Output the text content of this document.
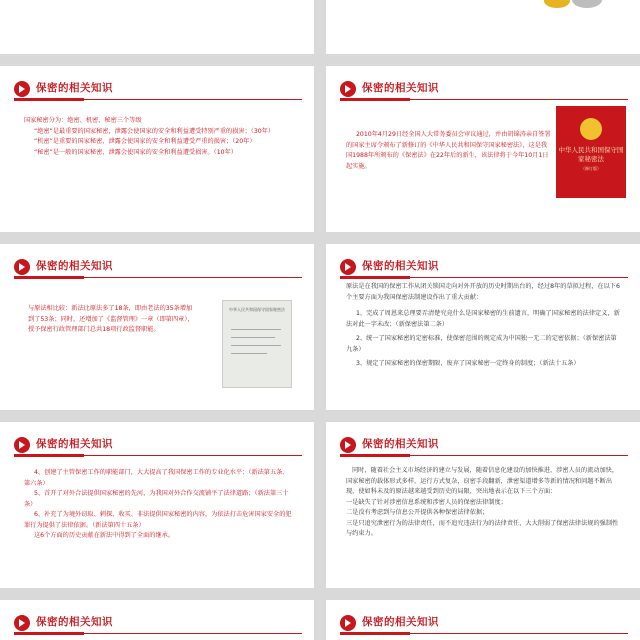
保密的相关知识

国家秘密分为：绝密、机密、秘密三个等级

“绝密”是最重要的国家秘密，泄露会使国家的安全和利益遭受特别严重的损害；（30年）

“机密”是重要的国家秘密，泄露会使国家的安全和利益遭受严重的损害；（20年）

“秘密”是一般的国家秘密，泄露会使国家的安全和利益遭受损害。（10年）

保密的相关知识
2010年4月29日经全国人大常务委员会审议通过，并由胡锦涛亲自签署的国家主席令颁布了新修订的《中华人民共和国保守国家秘密法》，这是我国1988年所颁布的《保密法》在22年后的新生，该法律将于今年10月1日起实施。
中华人民共和国保守国家秘密法
（修订版）
保密的相关知识
与原法相比较：新法比原法多了18条，即由老法的35条增加到了53条；同时，还增加了《监督管理》一章（即第四章），授予保密行政管理部门总共18项行政监督职能。
中华人民共和国保守国家秘密法
保密的相关知识

原法是在我国的保密工作从闭关锁国走向对外开放的历史时期出台的，经过8年的草拟过程，在以下6个主要方面为我国保密法制建设作出了重大贡献：

1、完成了周恩来总理要弄清楚究竟什么是国家秘密的生前遗言，明确了国家秘密的法律定义，新法对此一字未改；（新保密法第二条）

2、统一了国家秘密的定密标准，使保密范围的规定成为中国独一无二的定密依据；（新保密法第九条）

3、规定了国家秘密的保密期限，废弃了国家秘密一定终身的制度；（新法十五条）

保密的相关知识

4、创建了主管保密工作的职能部门，大大提高了我国保密工作的专业化水平；（新法第五条、第六条）

5、首开了对外合法提供国家秘密的先河，为我国对外合作交流铺平了法律道路；（新法第三十条）

6、补充了为境外窃取、刺探、收买、非法提供国家秘密的内容，为依法打击危害国家安全的犯罪行为提供了法律依据。（新法第四十五条）

这6个方面的历史贡献在新法中得到了全面的继承。

保密的相关知识

同时，随着社会主义市场经济的建立与发展，随着信息化建设的加快推进，涉密人员的流动加快，国家秘密的载体形式多样，运行方式复杂，窃密手段翻新，泄密渠道增多等新的情况和问题不断出现，使如科未及的原法越来越受到历史的局限，突出地表示在以下三个方面：

一是缺失了针对涉密信息系统和涉密人员的保密法律制度；

二是没有考虑到与信息公开提供各种保密法律依据；

三是只追究泄密行为的法律责任，而不追究违法行为的法律责任，大大削弱了保密法律法规的强制性与约束力。

保密的相关知识	保密的相关知识
